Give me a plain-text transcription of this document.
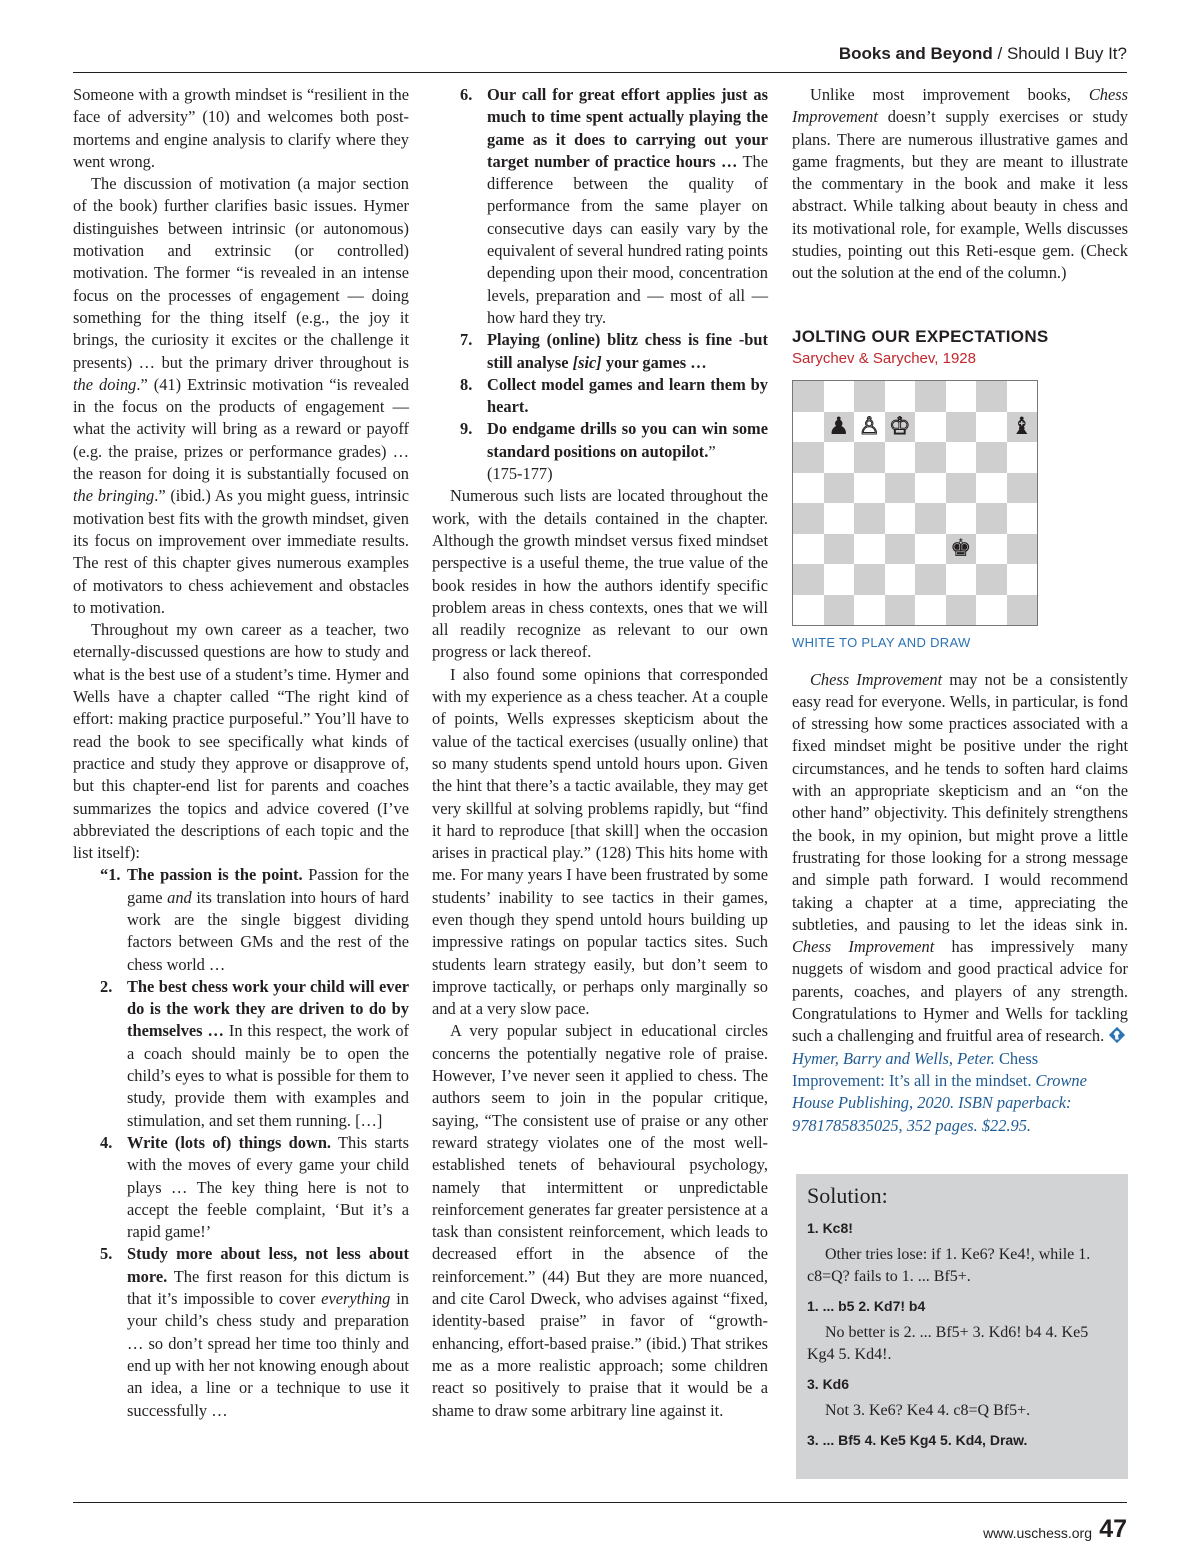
Books and Beyond / Should I Buy It?

Someone with a growth mindset is “resilient in the face of adversity” (10) and welcomes both post-mortems and engine analysis to clarify where they went wrong.

The discussion of motivation (a major section of the book) further clarifies basic issues. Hymer distinguishes between intrinsic (or autonomous) motivation and extrinsic (or controlled) motivation. The former “is revealed in an intense focus on the processes of engagement — doing something for the thing itself (e.g., the joy it brings, the curiosity it excites or the challenge it presents) … but the primary driver throughout is the doing.” (41) Extrinsic motivation “is revealed in the focus on the products of engagement — what the activity will bring as a reward or payoff (e.g. the praise, prizes or performance grades) … the reason for doing it is substantially focused on the bringing.” (ibid.) As you might guess, intrinsic motivation best fits with the growth mindset, given its focus on improvement over immediate results. The rest of this chapter gives numerous examples of motivators to chess achievement and obstacles to motivation.

Throughout my own career as a teacher, two eternally-discussed questions are how to study and what is the best use of a student’s time. Hymer and Wells have a chapter called “The right kind of effort: making practice purposeful.” You’ll have to read the book to see specifically what kinds of practice and study they approve or disapprove of, but this chapter-end list for parents and coaches summarizes the topics and advice covered (I’ve abbreviated the descriptions of each topic and the list itself):

“1. The passion is the point. Passion for the game and its translation into hours of hard work are the single biggest dividing factors between GMs and the rest of the chess world …
2. The best chess work your child will ever do is the work they are driven to do by themselves … In this respect, the work of a coach should mainly be to open the child’s eyes to what is possible for them to study, provide them with examples and stimulation, and set them running. […]
4. Write (lots of) things down. This starts with the moves of every game your child plays … The key thing here is not to accept the feeble complaint, ‘But it’s a rapid game!’
5. Study more about less, not less about more. The first reason for this dictum is that it’s impossible to cover everything in your child’s chess study and preparation … so don’t spread her time too thinly and end up with her not knowing enough about an idea, a line or a technique to use it successfully …
6. Our call for great effort applies just as much to time spent actually playing the game as it does to carrying out your target number of practice hours … The difference between the quality of performance from the same player on consecutive days can easily vary by the equivalent of several hundred rating points depending upon their mood, concentration levels, preparation and — most of all — how hard they try.
7. Playing (online) blitz chess is fine -but still analyse [sic] your games …
8. Collect model games and learn them by heart.
9. Do endgame drills so you can win some standard positions on autopilot.”
(175-177)

Numerous such lists are located throughout the work, with the details contained in the chapter. Although the growth mindset versus fixed mindset perspective is a useful theme, the true value of the book resides in how the authors identify specific problem areas in chess contexts, ones that we will all readily recognize as relevant to our own progress or lack thereof.

I also found some opinions that corresponded with my experience as a chess teacher. At a couple of points, Wells expresses skepticism about the value of the tactical exercises (usually online) that so many students spend untold hours upon. Given the hint that there’s a tactic available, they may get very skillful at solving problems rapidly, but “find it hard to reproduce [that skill] when the occasion arises in practical play.” (128) This hits home with me. For many years I have been frustrated by some students’ inability to see tactics in their games, even though they spend untold hours building up impressive ratings on popular tactics sites. Such students learn strategy easily, but don’t seem to improve tactically, or perhaps only marginally so and at a very slow pace.

A very popular subject in educational circles concerns the potentially negative role of praise. However, I’ve never seen it applied to chess. The authors seem to join in the popular critique, saying, “The consistent use of praise or any other reward strategy violates one of the most well-established tenets of behavioural psychology, namely that intermittent or unpredictable reinforcement generates far greater persistence at a task than consistent reinforcement, which leads to decreased effort in the absence of the reinforcement.” (44) But they are more nuanced, and cite Carol Dweck, who advises against “fixed, identity-based praise” in favor of “growth-enhancing, effort-based praise.” (ibid.) That strikes me as a more realistic approach; some children react so positively to praise that it would be a shame to draw some arbitrary line against it.

Unlike most improvement books, Chess Improvement doesn’t supply exercises or study plans. There are numerous illustrative games and game fragments, but they are meant to illustrate the commentary in the book and make it less abstract. While talking about beauty in chess and its motivational role, for example, Wells discusses studies, pointing out this Reti-esque gem. (Check out the solution at the end of the column.)

JOLTING OUR EXPECTATIONS
Sarychev & Sarychev, 1928
♟ ♙ ♔	♝
♚
WHITE TO PLAY AND DRAW

Chess Improvement may not be a consistently easy read for everyone. Wells, in particular, is fond of stressing how some practices associated with a fixed mindset might be positive under the right circumstances, and he tends to soften hard claims with an appropriate skepticism and an “on the other hand” objectivity. This definitely strengthens the book, in my opinion, but might prove a little frustrating for those looking for a strong message and simple path forward. I would recommend taking a chapter at a time, appreciating the subtleties, and pausing to let the ideas sink in. Chess Improvement has impressively many nuggets of wisdom and good practical advice for parents, coaches, and players of any strength. Congratulations to Hymer and Wells for tackling such a challenging and fruitful area of research.

Hymer, Barry and Wells, Peter. Chess Improvement: It’s all in the mindset. Crowne House Publishing, 2020. ISBN paperback: 9781785835025, 352 pages. $22.95.

Solution:
1. Kc8!
Other tries lose: if 1. Ke6? Ke4!, while 1. c8=Q? fails to 1. ... Bf5+.
1. ... b5 2. Kd7! b4
No better is 2. ... Bf5+ 3. Kd6! b4 4. Ke5 Kg4 5. Kd4!.
3. Kd6
Not 3. Ke6? Ke4 4. c8=Q Bf5+.
3. ... Bf5 4. Ke5 Kg4 5. Kd4, Draw.
www.uschess.org 47
